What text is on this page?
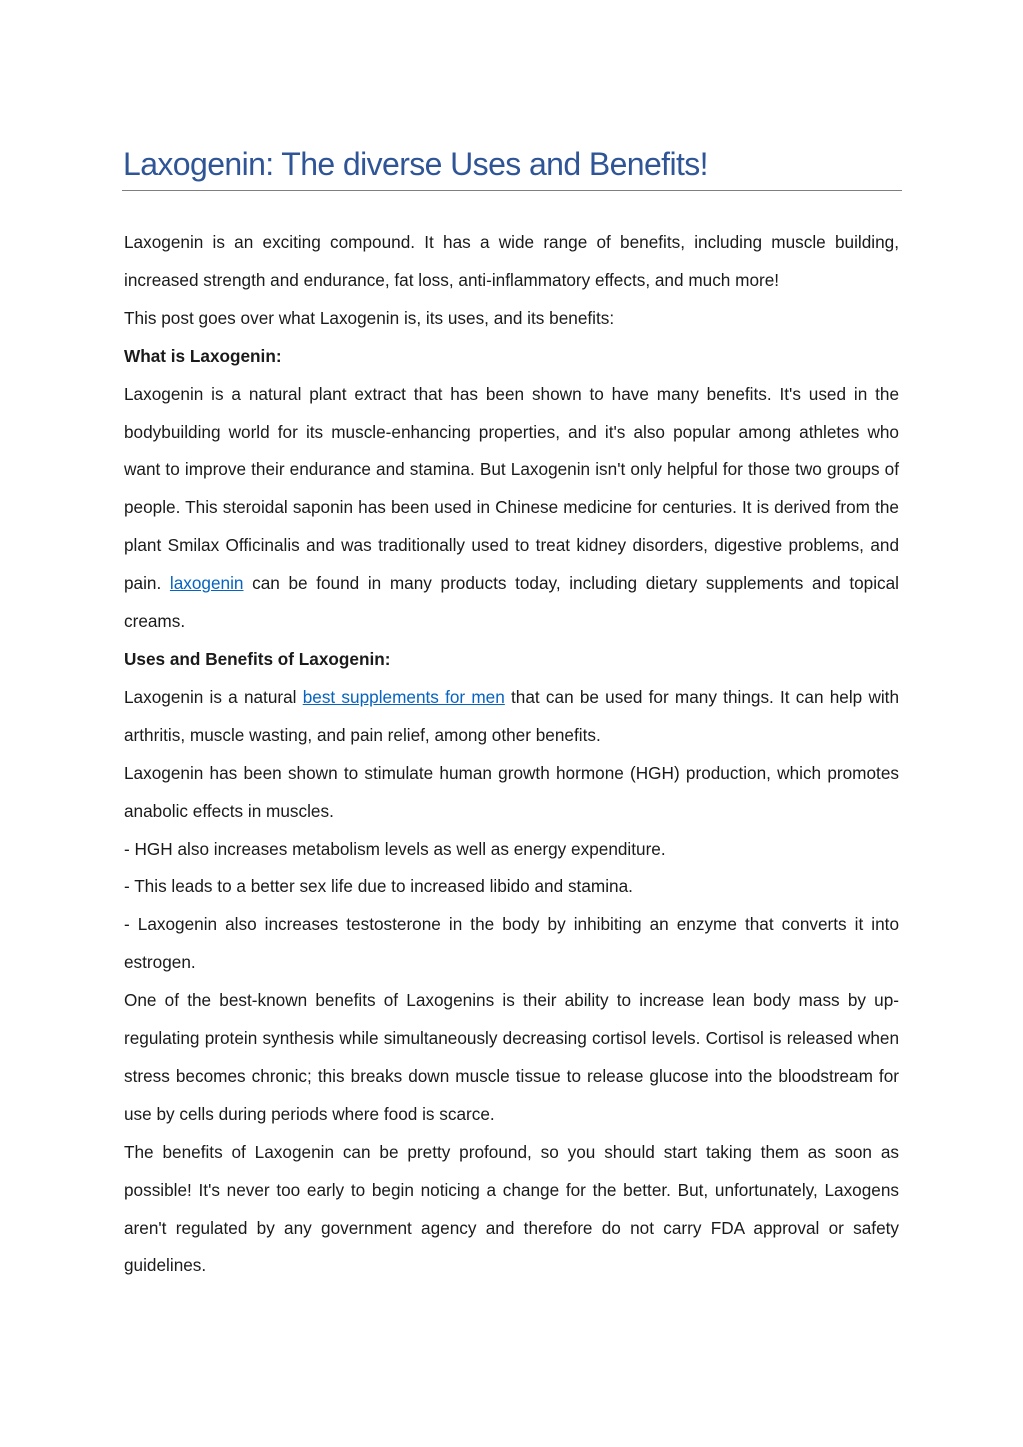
Laxogenin: The diverse Uses and Benefits!

Laxogenin is an exciting compound. It has a wide range of benefits, including muscle building, increased strength and endurance, fat loss, anti-inflammatory effects, and much more!

This post goes over what Laxogenin is, its uses, and its benefits:

What is Laxogenin:

Laxogenin is a natural plant extract that has been shown to have many benefits. It's used in the bodybuilding world for its muscle-enhancing properties, and it's also popular among athletes who want to improve their endurance and stamina. But Laxogenin isn't only helpful for those two groups of people. This steroidal saponin has been used in Chinese medicine for centuries. It is derived from the plant Smilax Officinalis and was traditionally used to treat kidney disorders, digestive problems, and pain. laxogenin can be found in many products today, including dietary supplements and topical creams.

Uses and Benefits of Laxogenin:

Laxogenin is a natural best supplements for men that can be used for many things. It can help with arthritis, muscle wasting, and pain relief, among other benefits.

Laxogenin has been shown to stimulate human growth hormone (HGH) production, which promotes anabolic effects in muscles.

- HGH also increases metabolism levels as well as energy expenditure.

- This leads to a better sex life due to increased libido and stamina.

- Laxogenin also increases testosterone in the body by inhibiting an enzyme that converts it into estrogen.

One of the best-known benefits of Laxogenins is their ability to increase lean body mass by up-regulating protein synthesis while simultaneously decreasing cortisol levels. Cortisol is released when stress becomes chronic; this breaks down muscle tissue to release glucose into the bloodstream for use by cells during periods where food is scarce.

The benefits of Laxogenin can be pretty profound, so you should start taking them as soon as possible! It's never too early to begin noticing a change for the better. But, unfortunately, Laxogens aren't regulated by any government agency and therefore do not carry FDA approval or safety guidelines.
